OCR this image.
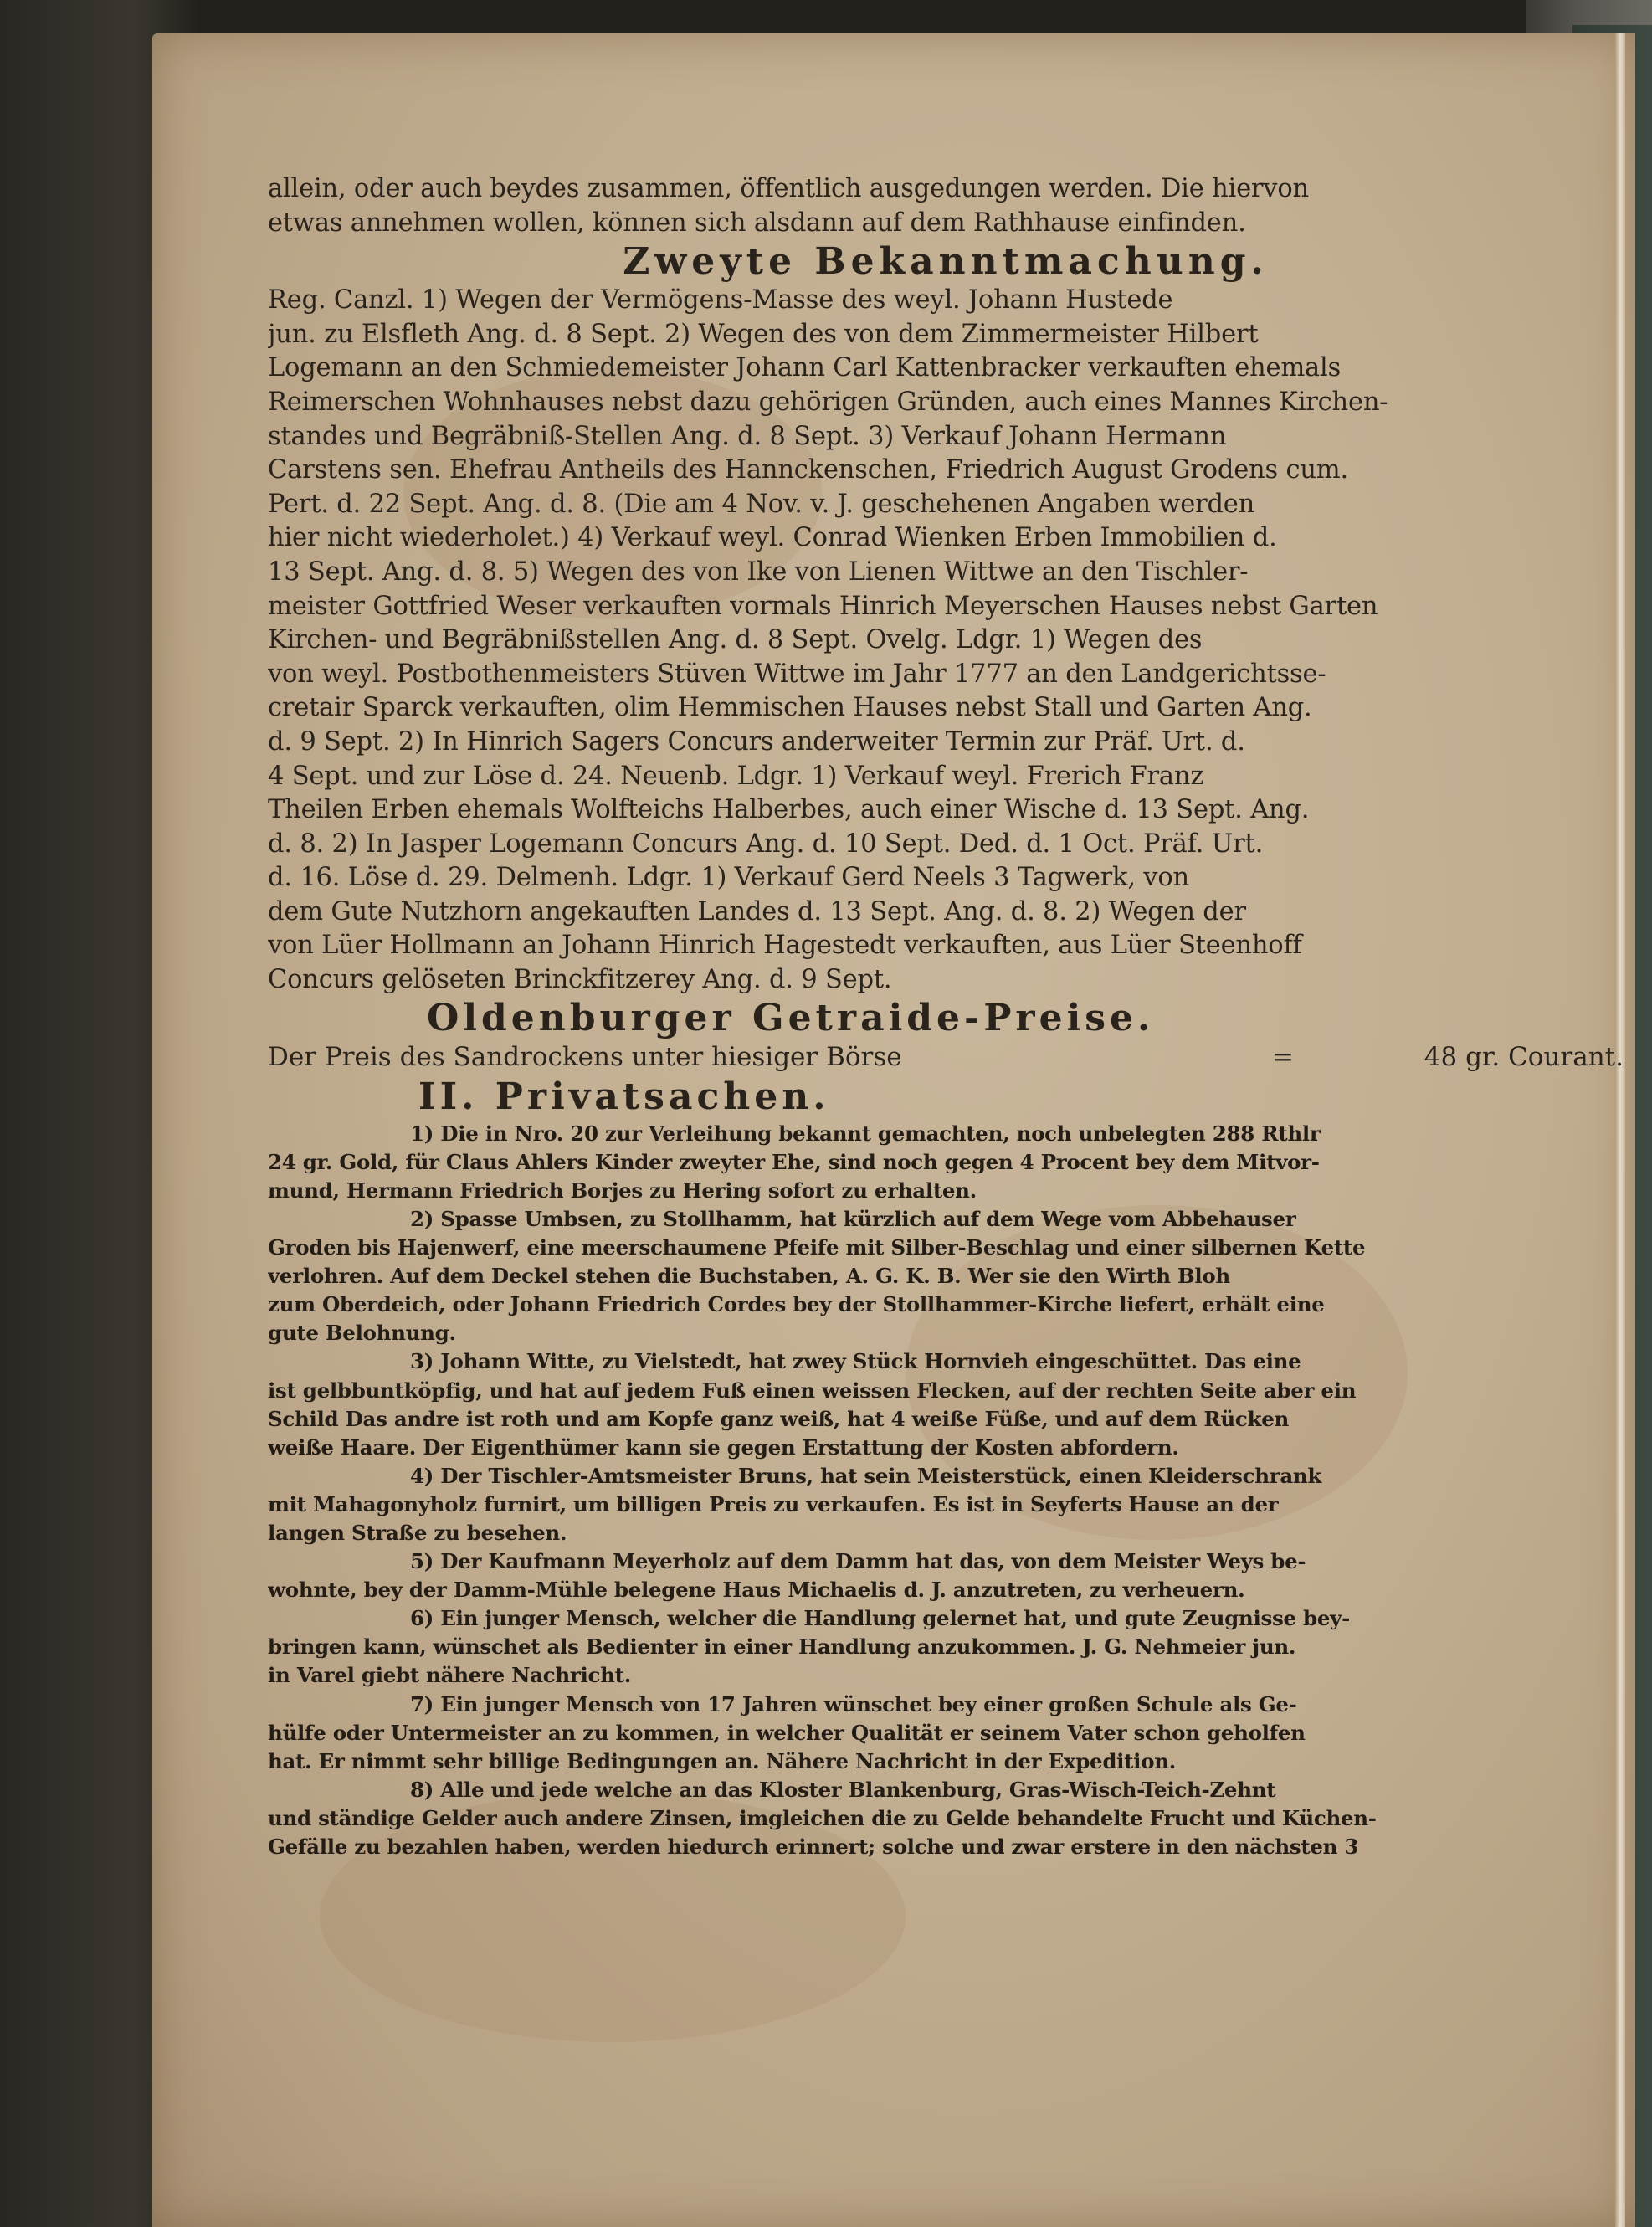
allein, oder auch beydes zusammen, öffentlich ausgedungen werden. Die hiervon
etwas annehmen wollen, können sich alsdann auf dem Rathhause einfinden.
Zweyte Bekanntmachung.
Reg. Canzl. 1) Wegen der Vermögens-Masse des weyl. Johann Hustede
jun. zu Elsfleth Ang. d. 8 Sept. 2) Wegen des von dem Zimmermeister Hilbert
Logemann an den Schmiedemeister Johann Carl Kattenbracker verkauften ehemals
Reimerschen Wohnhauses nebst dazu gehörigen Gründen, auch eines Mannes Kirchen-
standes und Begräbniß-Stellen Ang. d. 8 Sept. 3) Verkauf Johann Hermann
Carstens sen. Ehefrau Antheils des Hannckenschen, Friedrich August Grodens cum.
Pert. d. 22 Sept. Ang. d. 8. (Die am 4 Nov. v. J. geschehenen Angaben werden
hier nicht wiederholet.) 4) Verkauf weyl. Conrad Wienken Erben Immobilien d.
13 Sept. Ang. d. 8. 5) Wegen des von Ike von Lienen Wittwe an den Tischler-
meister Gottfried Weser verkauften vormals Hinrich Meyerschen Hauses nebst Garten
Kirchen- und Begräbnißstellen Ang. d. 8 Sept. Ovelg. Ldgr. 1) Wegen des
von weyl. Postbothenmeisters Stüven Wittwe im Jahr 1777 an den Landgerichtsse-
cretair Sparck verkauften, olim Hemmischen Hauses nebst Stall und Garten Ang.
d. 9 Sept. 2) In Hinrich Sagers Concurs anderweiter Termin zur Präf. Urt. d.
4 Sept. und zur Löse d. 24. Neuenb. Ldgr. 1) Verkauf weyl. Frerich Franz
Theilen Erben ehemals Wolfteichs Halberbes, auch einer Wische d. 13 Sept. Ang.
d. 8. 2) In Jasper Logemann Concurs Ang. d. 10 Sept. Ded. d. 1 Oct. Präf. Urt.
d. 16. Löse d. 29. Delmenh. Ldgr. 1) Verkauf Gerd Neels 3 Tagwerk, von
dem Gute Nutzhorn angekauften Landes d. 13 Sept. Ang. d. 8. 2) Wegen der
von Lüer Hollmann an Johann Hinrich Hagestedt verkauften, aus Lüer Steenhoff
Concurs gelöseten Brinckfitzerey Ang. d. 9 Sept.
Oldenburger Getraide-Preise.
Der Preis des Sandrockens unter hiesiger Börse	=	48 gr. Courant.
II. Privatsachen.
1) Die in Nro. 20 zur Verleihung bekannt gemachten, noch unbelegten 288 Rthlr
24 gr. Gold, für Claus Ahlers Kinder zweyter Ehe, sind noch gegen 4 Procent bey dem Mitvor-
mund, Hermann Friedrich Borjes zu Hering sofort zu erhalten.
2) Spasse Umbsen, zu Stollhamm, hat kürzlich auf dem Wege vom Abbehauser
Groden bis Hajenwerf, eine meerschaumene Pfeife mit Silber-Beschlag und einer silbernen Kette
verlohren. Auf dem Deckel stehen die Buchstaben, A. G. K. B. Wer sie den Wirth Bloh
zum Oberdeich, oder Johann Friedrich Cordes bey der Stollhammer-Kirche liefert, erhält eine
gute Belohnung.
3) Johann Witte, zu Vielstedt, hat zwey Stück Hornvieh eingeschüttet. Das eine
ist gelbbuntköpfig, und hat auf jedem Fuß einen weissen Flecken, auf der rechten Seite aber ein
Schild Das andre ist roth und am Kopfe ganz weiß, hat 4 weiße Füße, und auf dem Rücken
weiße Haare. Der Eigenthümer kann sie gegen Erstattung der Kosten abfordern.
4) Der Tischler-Amtsmeister Bruns, hat sein Meisterstück, einen Kleiderschrank
mit Mahagonyholz furnirt, um billigen Preis zu verkaufen. Es ist in Seyferts Hause an der
langen Straße zu besehen.
5) Der Kaufmann Meyerholz auf dem Damm hat das, von dem Meister Weys be-
wohnte, bey der Damm-Mühle belegene Haus Michaelis d. J. anzutreten, zu verheuern.
6) Ein junger Mensch, welcher die Handlung gelernet hat, und gute Zeugnisse bey-
bringen kann, wünschet als Bedienter in einer Handlung anzukommen. J. G. Nehmeier jun.
in Varel giebt nähere Nachricht.
7) Ein junger Mensch von 17 Jahren wünschet bey einer großen Schule als Ge-
hülfe oder Untermeister an zu kommen, in welcher Qualität er seinem Vater schon geholfen
hat. Er nimmt sehr billige Bedingungen an. Nähere Nachricht in der Expedition.
8) Alle und jede welche an das Kloster Blankenburg, Gras-Wisch-Teich-Zehnt
und ständige Gelder auch andere Zinsen, imgleichen die zu Gelde behandelte Frucht und Küchen-
Gefälle zu bezahlen haben, werden hiedurch erinnert; solche und zwar erstere in den nächsten 3
